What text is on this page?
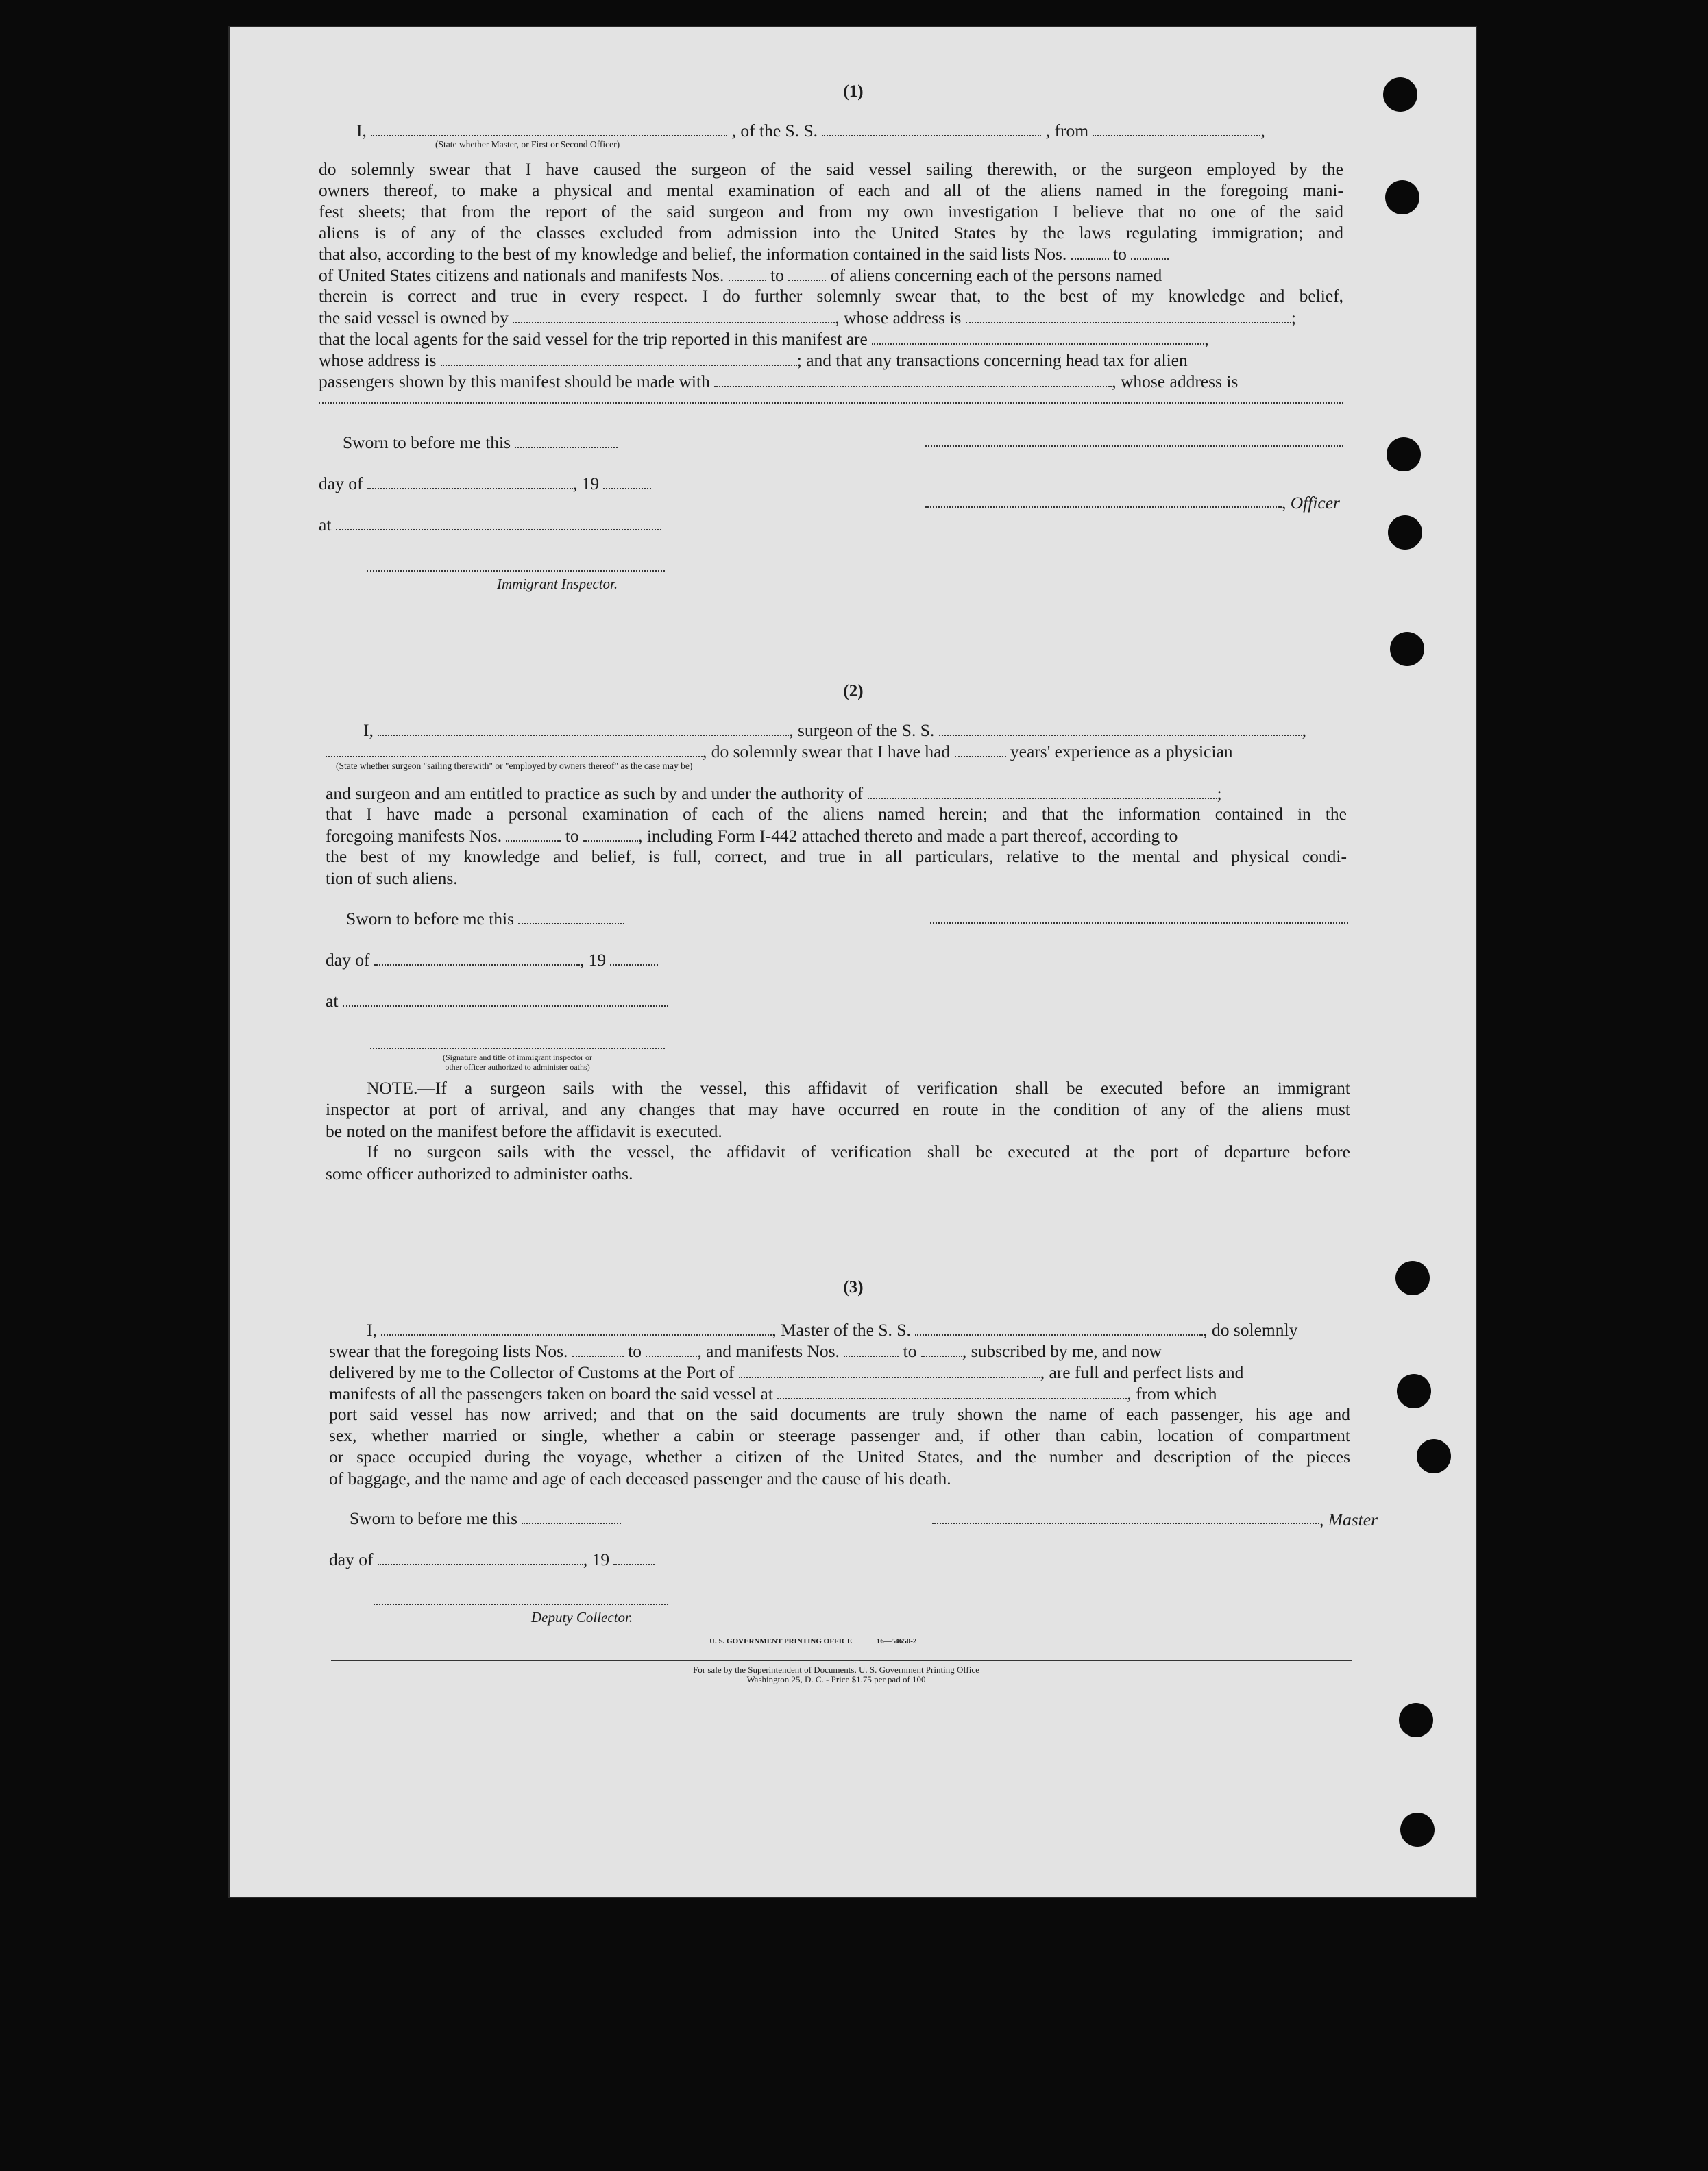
(1)
I,	, of the S. S.	, from	,
(State whether Master, or First or Second Officer)
do solemnly swear that I have caused the surgeon of the said vessel sailing therewith, or the surgeon employed by the
owners thereof, to make a physical and mental examination of each and all of the aliens named in the foregoing mani-
fest sheets; that from the report of the said surgeon and from my own investigation I believe that no one of the said
aliens is of any of the classes excluded from admission into the United States by the laws regulating immigration; and
that also, according to the best of my knowledge and belief, the information contained in the said lists Nos.	to
of United States citizens and nationals and manifests Nos.	to	of aliens concerning each of the persons named
therein is correct and true in every respect. I do further solemnly swear that, to the best of my knowledge and belief,
the said vessel is owned by	, whose address is	;
that the local agents for the said vessel for the trip reported in this manifest are	,
whose address is	; and that any transactions concerning head tax for alien
passengers shown by this manifest should be made with	, whose address is
Sworn to before me this
day of	, 19
, Officer
at
Immigrant Inspector.
(2)
I,	, surgeon of the S. S.	,
, do solemnly swear that I have had	years' experience as a physician
(State whether surgeon "sailing therewith" or "employed by owners thereof" as the case may be)
and surgeon and am entitled to practice as such by and under the authority of	;
that I have made a personal examination of each of the aliens named herein; and that the information contained in the
foregoing manifests Nos.	to	, including Form I-442 attached thereto and made a part thereof, according to
the best of my knowledge and belief, is full, correct, and true in all particulars, relative to the mental and physical condi-
tion of such aliens.
Sworn to before me this
day of	, 19
at
(Signature and title of immigrant inspector or
other officer authorized to administer oaths)
NOTE.—If a surgeon sails with the vessel, this affidavit of verification shall be executed before an immigrant
inspector at port of arrival, and any changes that may have occurred en route in the condition of any of the aliens must
be noted on the manifest before the affidavit is executed.
If no surgeon sails with the vessel, the affidavit of verification shall be executed at the port of departure before
some officer authorized to administer oaths.
(3)
I,	, Master of the S. S.	, do solemnly
swear that the foregoing lists Nos.	to	, and manifests Nos.	to	, subscribed by me, and now
delivered by me to the Collector of Customs at the Port of	, are full and perfect lists and
manifests of all the passengers taken on board the said vessel at	, from which
port said vessel has now arrived; and that on the said documents are truly shown the name of each passenger, his age and
sex, whether married or single, whether a cabin or steerage passenger and, if other than cabin, location of compartment
or space occupied during the voyage, whether a citizen of the United States, and the number and description of the pieces
of baggage, and the name and age of each deceased passenger and the cause of his death.
Sworn to before me this	, Master
day of	, 19
Deputy Collector.
U. S. GOVERNMENT PRINTING OFFICE	16—54650-2
For sale by the Superintendent of Documents, U. S. Government Printing Office
Washington 25, D. C. - Price $1.75 per pad of 100
